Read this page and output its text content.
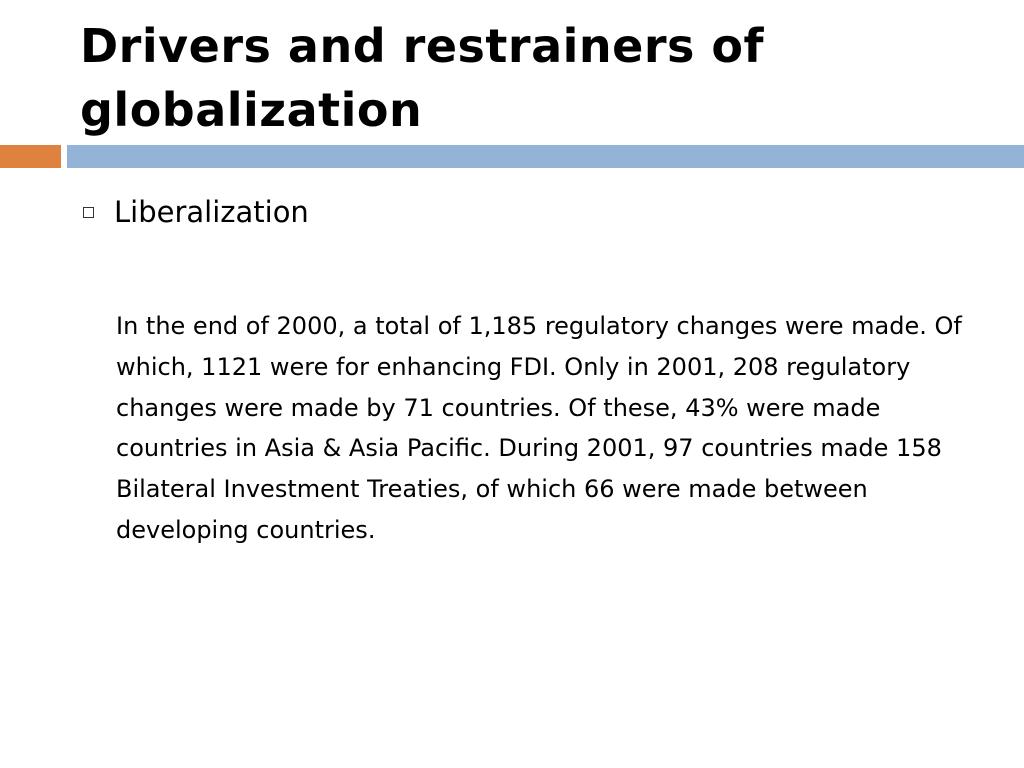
Drivers and restrainers of globalization
Liberalization

In the end of 2000, a total of 1,185 regulatory changes were made. Of which, 1121 were for enhancing FDI. Only in 2001, 208 regulatory changes were made by 71 countries. Of these, 43% were made countries in Asia & Asia Pacific. During 2001, 97 countries made 158 Bilateral Investment Treaties, of which 66 were made between developing countries.
